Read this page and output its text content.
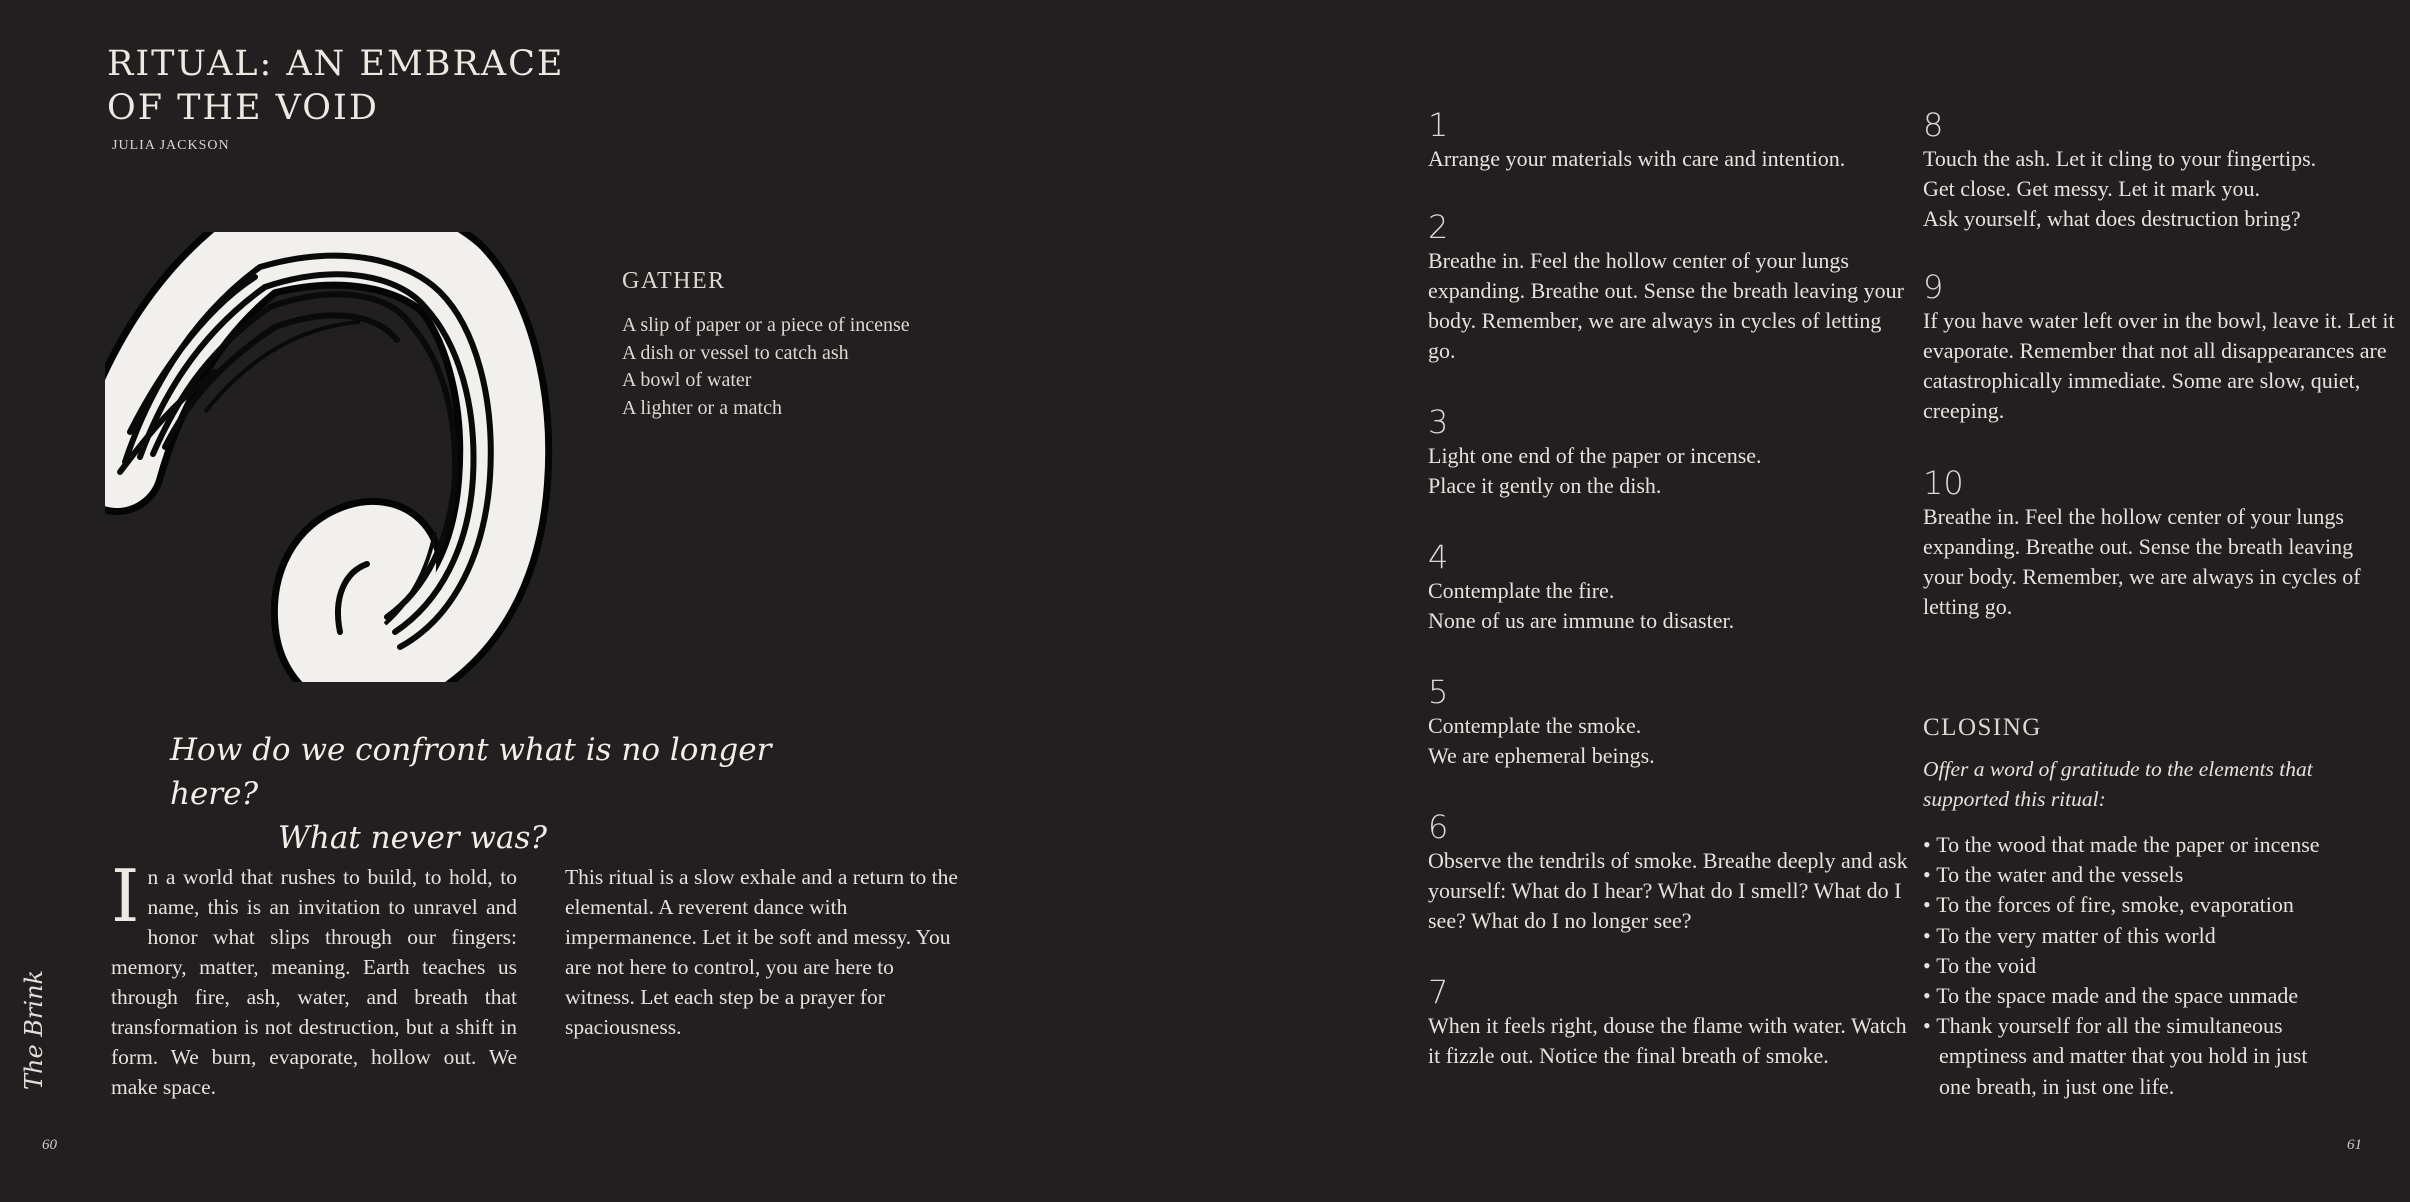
RITUAL: AN EMBRACE
OF THE VOID
JULIA JACKSON
GATHER
A slip of paper or a piece of incense
A dish or vessel to catch ash
A bowl of water
A lighter or a match
How do we confront what is no longer here?
What never was?
In a world that rushes to build, to hold, to name, this is an invitation to unravel and honor what slips through our fingers: memory, matter, meaning. Earth teaches us through fire, ash, water, and breath that transformation is not destruction, but a shift in form. We burn, evaporate, hollow out. We make space.
This ritual is a slow exhale and a return to the elemental. A reverent dance with impermanence. Let it be soft and messy. You are not here to control, you are here to witness. Let each step be a prayer for spaciousness.
The Brink
60
1
Arrange your materials with care and intention.
2
Breathe in. Feel the hollow center of your lungs expanding. Breathe out. Sense the breath leaving your body. Remember, we are always in cycles of letting go.
3
Light one end of the paper or incense.
Place it gently on the dish.
4
Contemplate the fire.
None of us are immune to disaster.
5
Contemplate the smoke.
We are ephemeral beings.
6
Observe the tendrils of smoke. Breathe deeply and ask yourself: What do I hear? What do I smell? What do I see? What do I no longer see?
7
When it feels right, douse the flame with water. Watch it fizzle out. Notice the final breath of smoke.
8
Touch the ash. Let it cling to your fingertips.
Get close. Get messy. Let it mark you.
Ask yourself, what does destruction bring?
9
If you have water left over in the bowl, leave it. Let it evaporate. Remember that not all disappearances are catastrophically immediate. Some are slow, quiet, creeping.
10
Breathe in. Feel the hollow center of your lungs expanding. Breathe out. Sense the breath leaving your body. Remember, we are always in cycles of letting go.
CLOSING
Offer a word of gratitude to the elements that supported this ritual:
• To the wood that made the paper or incense
• To the water and the vessels
• To the forces of fire, smoke, evaporation
• To the very matter of this world
• To the void
• To the space made and the space unmade
• Thank yourself for all the simultaneous emptiness and matter that you hold in just one breath, in just one life.
61
